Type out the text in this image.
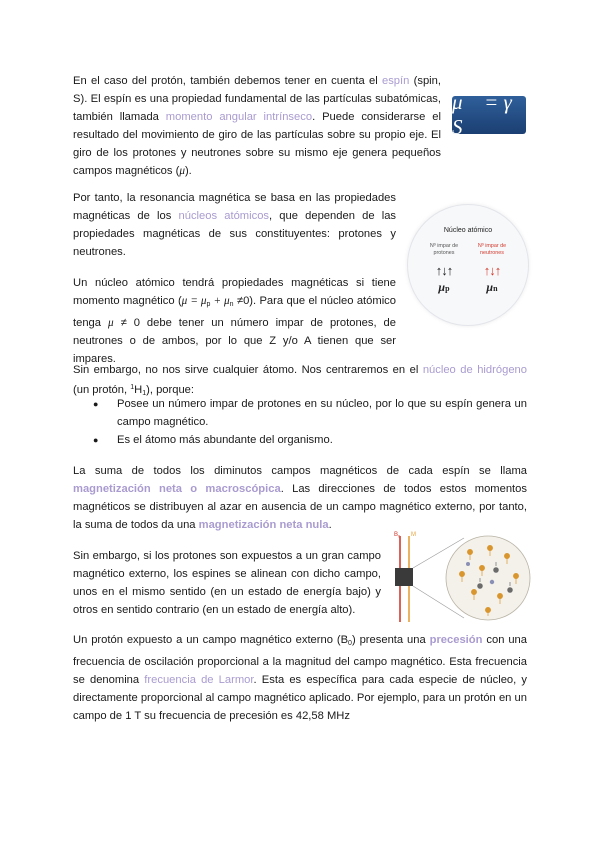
En el caso del protón, también debemos tener en cuenta el espín (spin, S). El espín es una propiedad fundamental de las partículas subatómicas, también llamada momento angular intrínseco. Puede considerarse el resultado del movimiento de giro de las partículas sobre su propio eje. El giro de los protones y neutrones sobre su mismo eje genera pequeños campos magnéticos (μ).

μ⃗ = γ S⃗

Por tanto, la resonancia magnética se basa en las propiedades magnéticas de los núcleos atómicos, que dependen de las propiedades magnéticas de sus constituyentes: protones y neutrones.

Núcleo atómico
Nº impar de protones
Nº impar de neutrones
↑↓↑	↑↓↑
μp	μn

Un núcleo atómico tendrá propiedades magnéticas si tiene momento magnético $(\mu = \mu_p + \mu_n \ne 0)$. Para que el núcleo atómico tenga μ ≠ 0 debe tener un número impar de protones, de neutrones o de ambos, por lo que Z y/o A tienen que ser impares.

Sin embargo, no nos sirve cualquier átomo. Nos centraremos en el núcleo de hidrógeno (un protón, $^1H_1$), porque:

● Posee un número impar de protones en su núcleo, por lo que su espín genera un campo magnético.
● Es el átomo más abundante del organismo.

La suma de todos los diminutos campos magnéticos de cada espín se llama magnetización neta o macroscópica. Las direcciones de todos estos momentos magnéticos se distribuyen al azar en ausencia de un campo magnético externo, por tanto, la suma de todos da una magnetización neta nula.

Sin embargo, si los protones son expuestos a un gran campo magnético externo, los espines se alinean con dicho campo, unos en el mismo sentido (en un estado de energía bajo) y otros en sentido contrario (en un estado de energía alto).

$B_0$ M

Un protón expuesto a un campo magnético externo $(B_0)$ presenta una precesión con una frecuencia de oscilación proporcional a la magnitud del campo magnético. Esta frecuencia se denomina frecuencia de Larmor. Esta es específica para cada especie de núcleo, y directamente proporcional al campo magnético aplicado. Por ejemplo, para un protón en un campo de 1 T su frecuencia de precesión es 42,58 MHz
